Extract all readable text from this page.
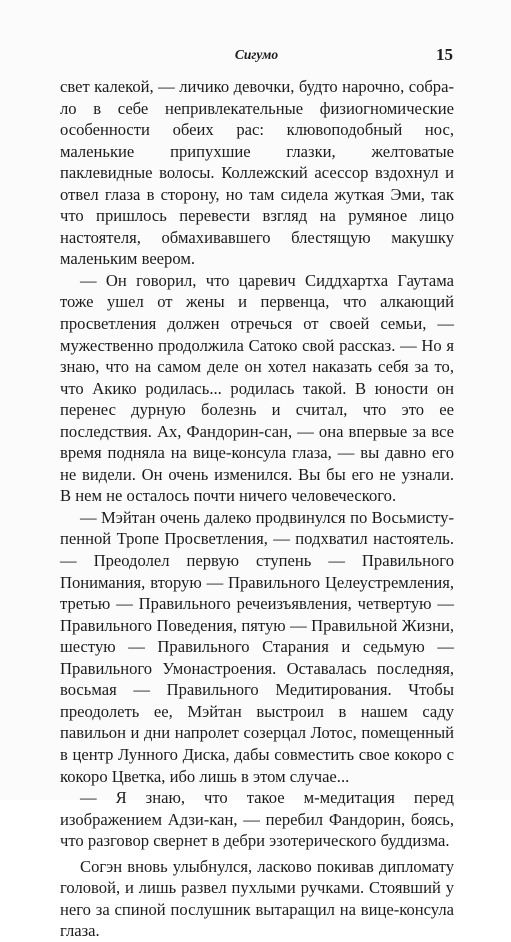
Сигумо	15

свет калекой, — личико девочки, будто нарочно, собрало в себе непривлекательные физиогномические особенности обеих рас: клювоподобный нос, маленькие припухшие глазки, желтоватые паклевидные волосы. Коллежский асессор вздохнул и отвел глаза в сторону, но там сидела жуткая Эми, так что пришлось перевести взгляд на румяное лицо настоятеля, обмахивавшего блестящую макушку маленьким веером.

— Он говорил, что царевич Сиддхартха Гаутама тоже ушел от жены и первенца, что алкающий просветления должен отречься от своей семьи, — мужественно продолжила Сатоко свой рассказ. — Но я знаю, что на самом деле он хотел наказать себя за то, что Акико родилась... родилась такой. В юности он перенес дурную болезнь и считал, что это ее последствия. Ах, Фандорин-сан, — она впервые за все время подняла на вице-консула глаза, — вы давно его не видели. Он очень изменился. Вы бы его не узнали. В нем не осталось почти ничего человеческого.

— Мэйтан очень далеко продвинулся по Восьмиступенной Тропе Просветления, — подхватил настоятель. — Преодолел первую ступень — Правильного Понимания, вторую — Правильного Целеустремления, третью — Правильного речеизъявления, четвертую — Правильного Поведения, пятую — Правильной Жизни, шестую — Правильного Старания и седьмую — Правильного Умонастроения. Оставалась последняя, восьмая — Правильного Медитирования. Чтобы преодолеть ее, Мэйтан выстроил в нашем саду павильон и дни напролет созерцал Лотос, помещенный в центр Лунного Диска, дабы совместить свое кокоро с кокоро Цветка, ибо лишь в этом случае...

— Я знаю, что такое м-медитация перед изображением Адзи-кан, — перебил Фандорин, боясь, что разговор свернет в дебри эзотерического буддизма.

Согэн вновь улыбнулся, ласково покивав дипломату головой, и лишь развел пухлыми ручками. Стоявший у него за спиной послушник вытаращил на вице-консула глаза.
